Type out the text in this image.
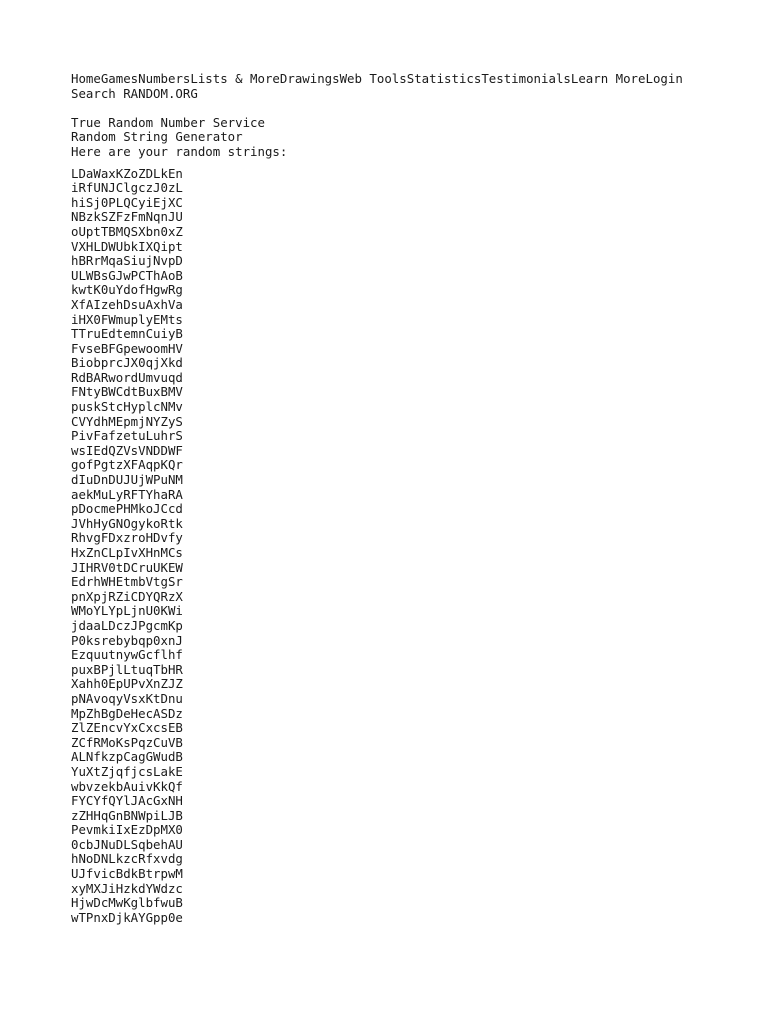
HomeGamesNumbersLists & MoreDrawingsWeb ToolsStatisticsTestimonialsLearn MoreLogin
Search RANDOM.ORG
True Random Number Service
Random String Generator
Here are your random strings:
LDaWaxKZoZDLkEn
iRfUNJClgczJ0zL
hiSj0PLQCyiEjXC
NBzkSZFzFmNqnJU
oUptTBMQSXbn0xZ
VXHLDWUbkIXQipt
hBRrMqaSiujNvpD
ULWBsGJwPCThAoB
kwtK0uYdofHgwRg
XfAIzehDsuAxhVa
iHX0FWmuplyEMts
TTruEdtemnCuiyB
FvseBFGpewoomHV
BiobprcJX0qjXkd
RdBARwordUmvuqd
FNtyBWCdtBuxBMV
puskStcHyplcNMv
CVYdhMEpmjNYZyS
PivFafzetuLuhrS
wsIEdQZVsVNDDWF
gofPgtzXFAqpKQr
dIuDnDUJUjWPuNM
aekMuLyRFTYhaRA
pDocmePHMkoJCcd
JVhHyGNOgykoRtk
RhvgFDxzroHDvfy
HxZnCLpIvXHnMCs
JIHRV0tDCruUKEW
EdrhWHEtmbVtgSr
pnXpjRZiCDYQRzX
WMoYLYpLjnU0KWi
jdaaLDczJPgcmKp
P0ksrebybqp0xnJ
EzquutnywGcflhf
puxBPjlLtuqTbHR
Xahh0EpUPvXnZJZ
pNAvoqyVsxKtDnu
MpZhBgDeHecASDz
ZlZEncvYxCxcsEB
ZCfRMoKsPqzCuVB
ALNfkzpCagGWudB
YuXtZjqfjcsLakE
wbvzekbAuivKkQf
FYCYfQYlJAcGxNH
zZHHqGnBNWpiLJB
PevmkiIxEzDpMX0
0cbJNuDLSqbehAU
hNoDNLkzcRfxvdg
UJfvicBdkBtrpwM
xyMXJiHzkdYWdzc
HjwDcMwKglbfwuB
wTPnxDjkAYGpp0e
